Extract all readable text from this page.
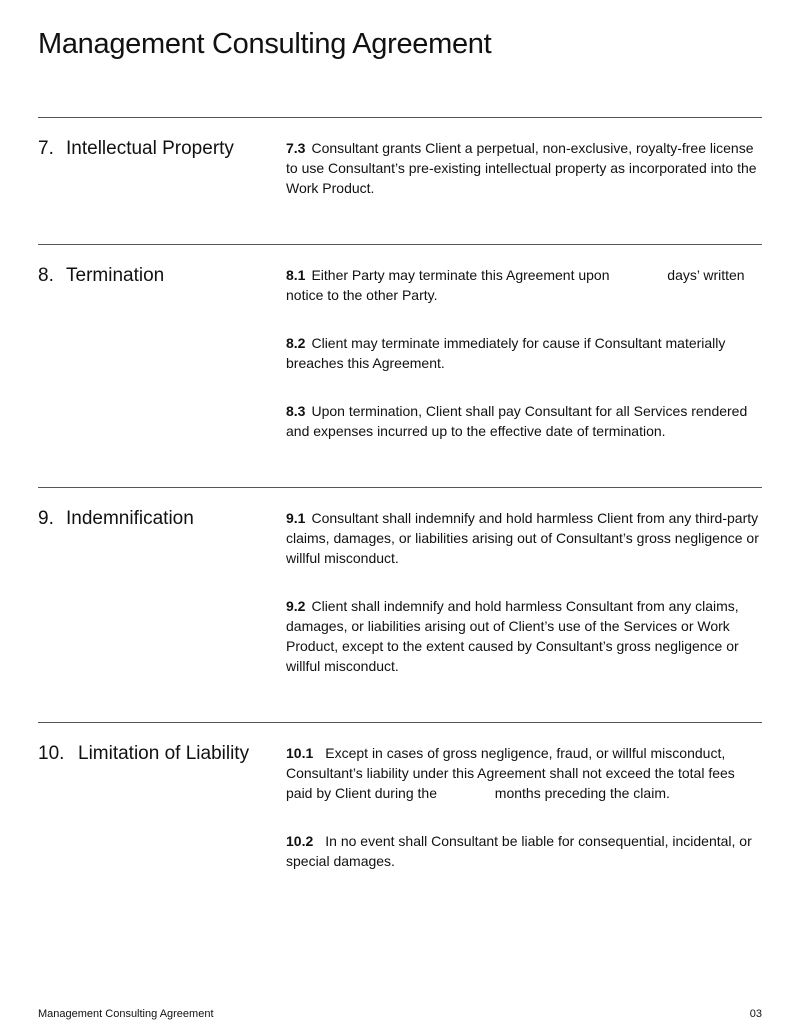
Management Consulting Agreement
7. Intellectual Property	7.3 Consultant grants Client a perpetual, non-exclusive, royalty-free license to use Consultant’s pre-existing intellectual property as incorporated into the Work Product.

8. Termination	8.1 Either Party may terminate this Agreement upon	days’ written notice to the other Party.
8.2 Client may terminate immediately for cause if Consultant materially breaches this Agreement.
8.3 Upon termination, Client shall pay Consultant for all Services rendered and expenses incurred up to the effective date of termination.
9. Indemnification	9.1 Consultant shall indemnify and hold harmless Client from any third-party claims, damages, or liabilities arising out of Consultant’s gross negligence or willful misconduct.
9.2 Client shall indemnify and hold harmless Consultant from any claims, damages, or liabilities arising out of Client’s use of the Services or Work Product, except to the extent caused by Consultant’s gross negligence or willful misconduct.
10. Limitation of Liability	10.1 Except in cases of gross negligence, fraud, or willful misconduct, Consultant’s liability under this Agreement shall not exceed the total fees paid by Client during the	months preceding the claim.
10.2 In no event shall Consultant be liable for consequential, incidental, or special damages.
Management Consulting Agreement	03
